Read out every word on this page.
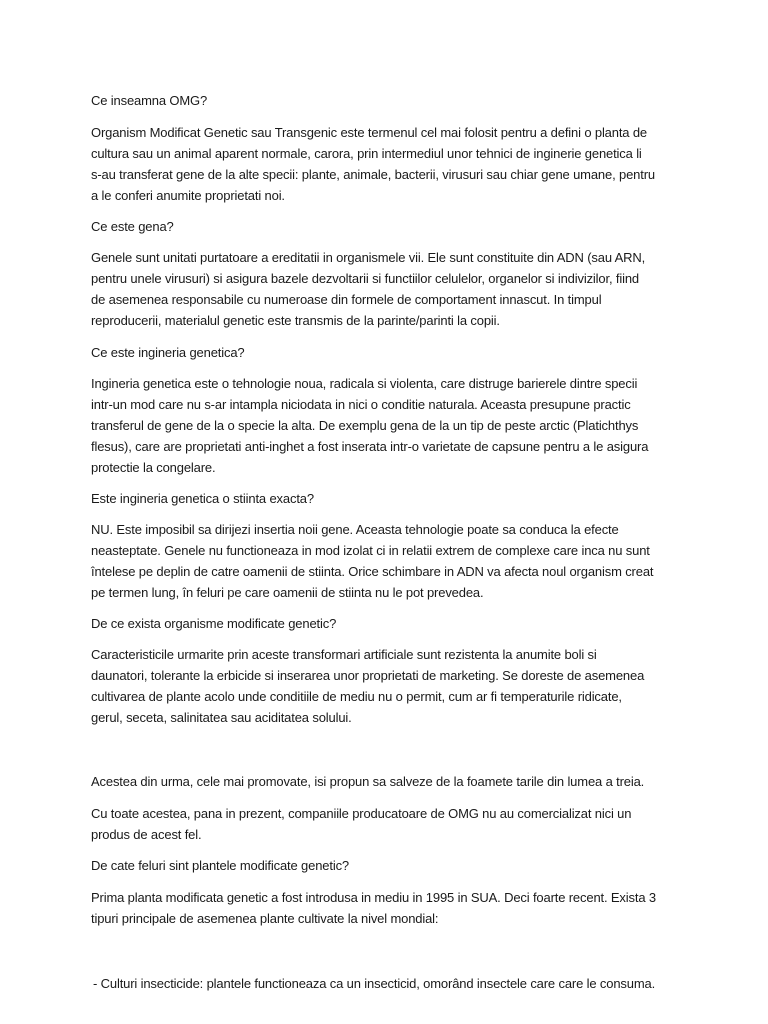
Ce inseamna OMG?
Organism Modificat Genetic sau Transgenic este termenul cel mai folosit pentru a defini o planta de
cultura sau un animal aparent normale, carora, prin intermediul unor tehnici de inginerie genetica li
s-au transferat gene de la alte specii: plante, animale, bacterii, virusuri sau chiar gene umane, pentru
a le conferi anumite proprietati noi.
Ce este gena?
Genele sunt unitati purtatoare a ereditatii in organismele vii. Ele sunt constituite din ADN (sau ARN,
pentru unele virusuri) si asigura bazele dezvoltarii si functiilor celulelor, organelor si indivizilor, fiind
de asemenea responsabile cu numeroase din formele de comportament innascut. In timpul
reproducerii, materialul genetic este transmis de la parinte/parinti la copii.
Ce este ingineria genetica?
Ingineria genetica este o tehnologie noua, radicala si violenta, care distruge barierele dintre specii
intr-un mod care nu s-ar intampla niciodata in nici o conditie naturala. Aceasta presupune practic
transferul de gene de la o specie la alta. De exemplu gena de la un tip de peste arctic (Platichthys
flesus), care are proprietati anti-inghet a fost inserata intr-o varietate de capsune pentru a le asigura
protectie la congelare.
Este ingineria genetica o stiinta exacta?
NU. Este imposibil sa dirijezi insertia noii gene. Aceasta tehnologie poate sa conduca la efecte
neasteptate. Genele nu functioneaza in mod izolat ci in relatii extrem de complexe care inca nu sunt
întelese pe deplin de catre oamenii de stiinta. Orice schimbare in ADN va afecta noul organism creat
pe termen lung, în feluri pe care oamenii de stiinta nu le pot prevedea.
De ce exista organisme modificate genetic?
Caracteristicile urmarite prin aceste transformari artificiale sunt rezistenta la anumite boli si
daunatori, tolerante la erbicide si inserarea unor proprietati de marketing. Se doreste de asemenea
cultivarea de plante acolo unde conditiile de mediu nu o permit, cum ar fi temperaturile ridicate,
gerul, seceta, salinitatea sau aciditatea solului.
Acestea din urma, cele mai promovate, isi propun sa salveze de la foamete tarile din lumea a treia.
Cu toate acestea, pana in prezent, companiile producatoare de OMG nu au comercializat nici un
produs de acest fel.
De cate feluri sint plantele modificate genetic?
Prima planta modificata genetic a fost introdusa in mediu in 1995 in SUA. Deci foarte recent. Exista 3
tipuri principale de asemenea plante cultivate la nivel mondial:
- Culturi insecticide: plantele functioneaza ca un insecticid, omorând insectele care care le consuma.
